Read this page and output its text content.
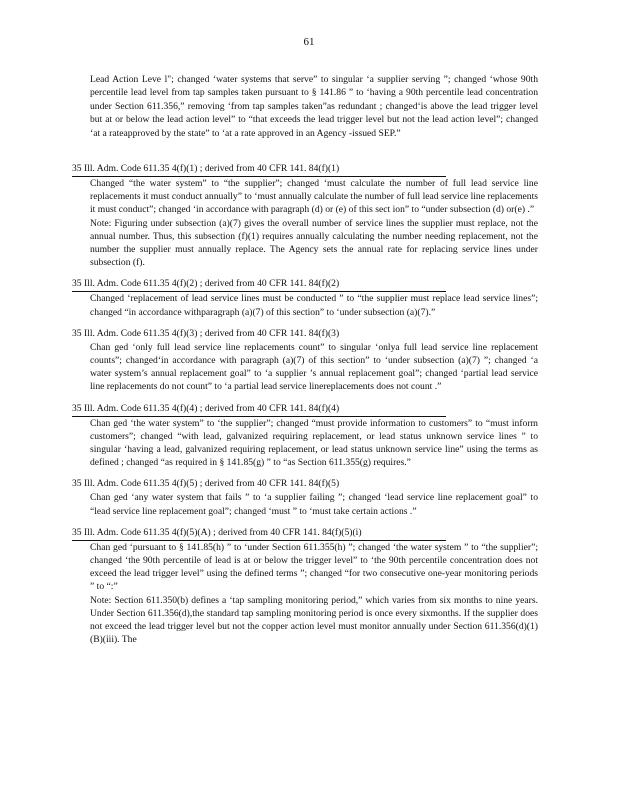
61
Lead Action Leve l"; changed ‘water systems that serve” to singular ‘a supplier serving ”; changed ‘whose 90th percentile lead level from tap samples taken pursuant to § 141.86 ” to ‘having a 90th percentile lead concentration under Section 611.356,” removing ‘from tap samples taken”as redundant ; changed‘is above the lead trigger level but at or below the lead action level” to “that exceeds the lead trigger level but not the lead action level”; changed ‘at a rateapproved by the state” to ‘at a rate approved in an Agency -issued SEP.”
35 Ill. Adm. Code 611.35 4(f)(1) ; derived from 40 CFR 141. 84(f)(1)
Changed “the water system” to “the supplier”; changed ‘must calculate the number of full lead service line replacements it must conduct annually” to ‘must annually calculate the number of full lead service line replacements it must conduct”; changed ‘in accordance with paragraph (d) or (e) of this sect ion” to “under subsection (d) or(e) .”
Note: Figuring under subsection (a)(7) gives the overall number of service lines the supplier must replace, not the annual number. Thus, this subsection (f)(1) requires annually calculating the number needing replacement, not the number the supplier must annually replace. The Agency sets the annual rate for replacing service lines under subsection (f).
35 Ill. Adm. Code 611.35 4(f)(2) ; derived from 40 CFR 141. 84(f)(2)
Changed ‘replacement of lead service lines must be conducted ” to “the supplier must replace lead service lines”; changed “in accordance withparagraph (a)(7) of this section” to ‘under subsection (a)(7).”
35 Ill. Adm. Code 611.35 4(f)(3) ; derived from 40 CFR 141. 84(f)(3)
Chan ged ‘only full lead service line replacements count” to singular ‘onlya full lead service line replacement counts”; changed‘in accordance with paragraph (a)(7) of this section” to ‘under subsection (a)(7) ”; changed ‘a water system’s annual replacement goal” to ‘a supplier ’s annual replacement goal”; changed ‘partial lead service line replacements do not count” to ‘a partial lead service linereplacements does not count .”
35 Ill. Adm. Code 611.35 4(f)(4) ; derived from 40 CFR 141. 84(f)(4)
Chan ged ‘the water system” to ‘the supplier”; changed “must provide information to customers” to “must inform customers”; changed “with lead, galvanized requiring replacement, or lead status unknown service lines ” to singular ‘having a lead, galvanized requiring replacement, or lead status unknown service line” using the terms as defined ; changed “as required in § 141.85(g) ” to “as Section 611.355(g) requires.”
35 Ill. Adm. Code 611.35 4(f)(5) ; derived from 40 CFR 141. 84(f)(5)
Chan ged ‘any water system that fails ” to ‘a supplier failing ”; changed ‘lead service line replacement goal” to “lead service line replacement goal”; changed ‘must ” to ‘must take certain actions .”
35 Ill. Adm. Code 611.35 4(f)(5)(A) ; derived from 40 CFR 141. 84(f)(5)(i)
Chan ged ‘pursuant to § 141.85(h) ” to ‘under Section 611.355(h) ”; changed ‘the water system ” to “the supplier”; changed ‘the 90th percentile of lead is at or below the trigger level” to ‘the 90th percentile concentration does not exceed the lead trigger level” using the defined terms ”; changed “for two consecutive one-year monitoring periods ” to “:”
Note: Section 611.350(b) defines a ‘tap sampling monitoring period,” which varies from six months to nine years. Under Section 611.356(d),the standard tap sampling monitoring period is once every sixmonths. If the supplier does not exceed the lead trigger level but not the copper action level must monitor annually under Section 611.356(d)(1)(B)(iii). The
